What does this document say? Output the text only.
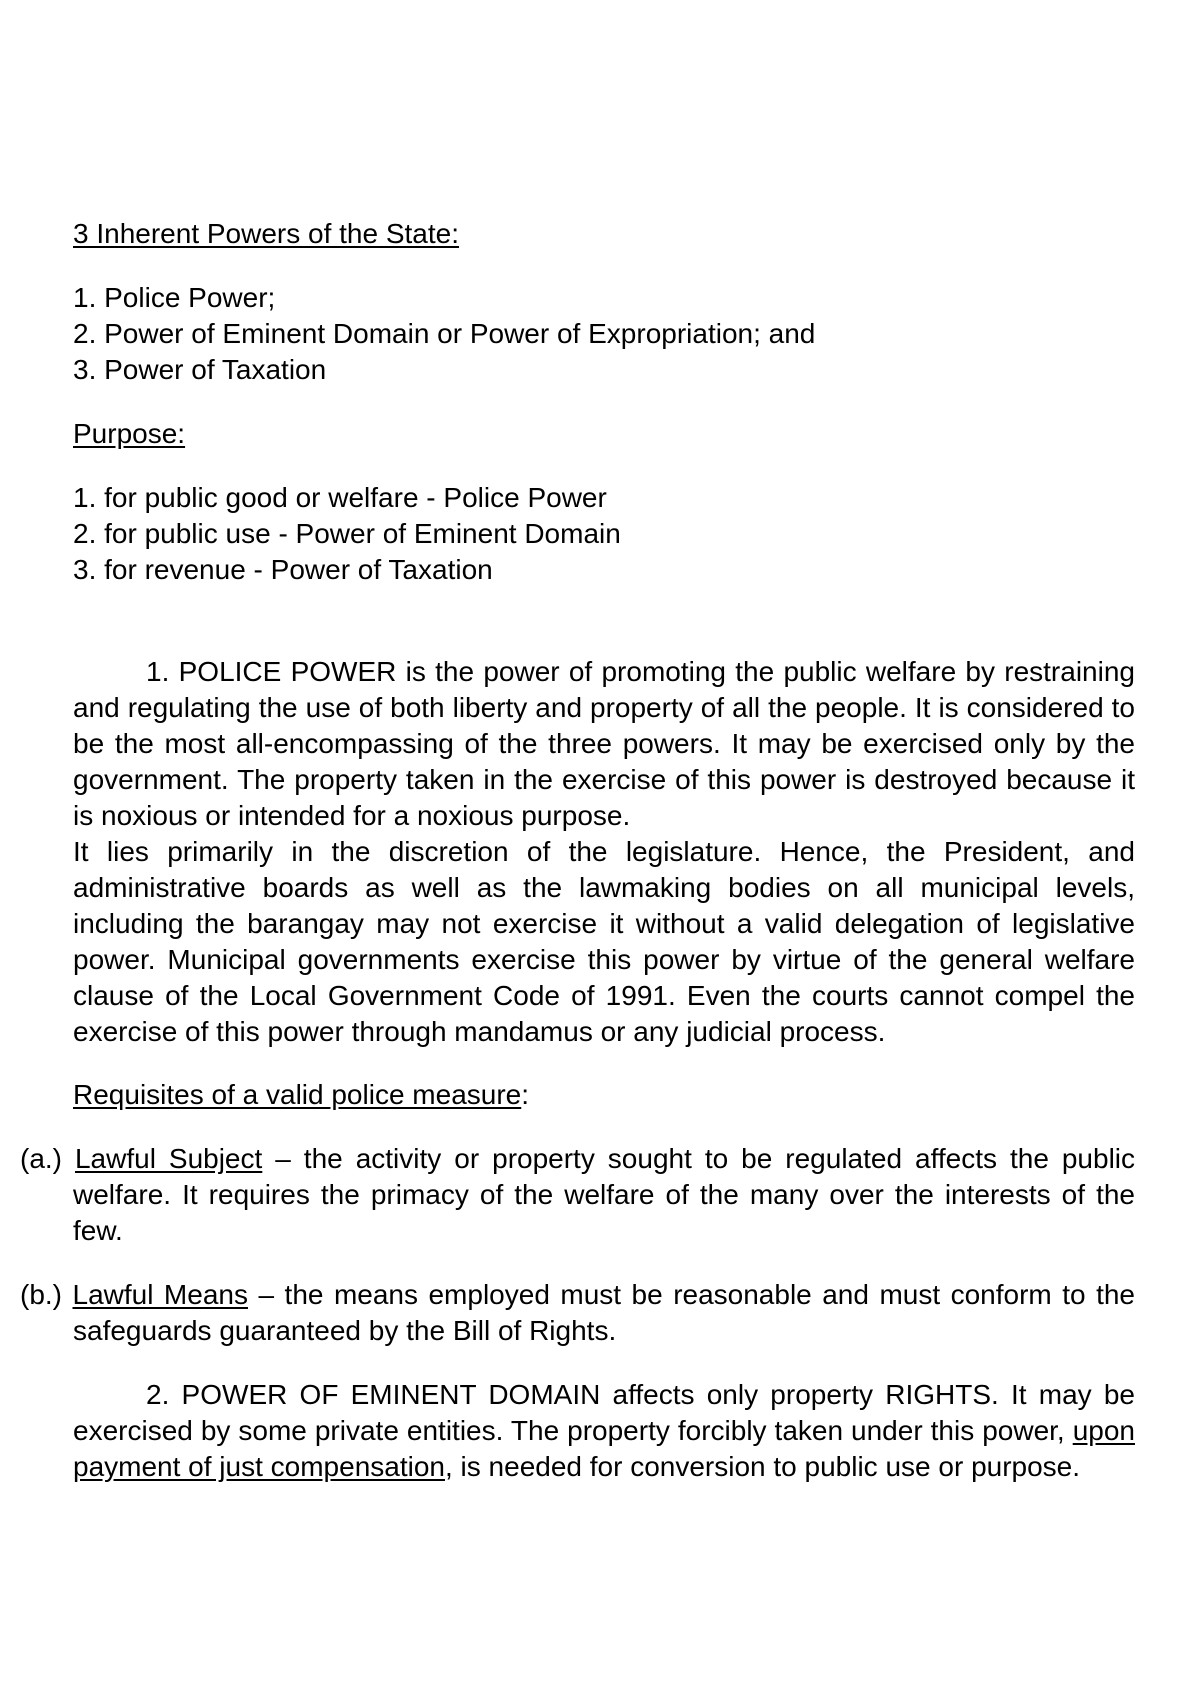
3 Inherent Powers of the State:

1. Police Power;
2. Power of Eminent Domain or Power of Expropriation; and
3. Power of Taxation

Purpose:

1. for public good or welfare - Police Power
2. for public use - Power of Eminent Domain
3. for revenue - Power of Taxation

1. POLICE POWER is the power of promoting the public welfare by restraining and regulating the use of both liberty and property of all the people. It is considered to be the most all-encompassing of the three powers. It may be exercised only by the government. The property taken in the exercise of this power is destroyed because it is noxious or intended for a noxious purpose.

It lies primarily in the discretion of the legislature. Hence, the President, and administrative boards as well as the lawmaking bodies on all municipal levels, including the barangay may not exercise it without a valid delegation of legislative power. Municipal governments exercise this power by virtue of the general welfare clause of the Local Government Code of 1991. Even the courts cannot compel the exercise of this power through mandamus or any judicial process.

Requisites of a valid police measure:

(a.) Lawful Subject – the activity or property sought to be regulated affects the public welfare. It requires the primacy of the welfare of the many over the interests of the few.

(b.) Lawful Means – the means employed must be reasonable and must conform to the safeguards guaranteed by the Bill of Rights.

2. POWER OF EMINENT DOMAIN affects only property RIGHTS. It may be exercised by some private entities. The property forcibly taken under this power, upon payment of just compensation, is needed for conversion to public use or purpose.
